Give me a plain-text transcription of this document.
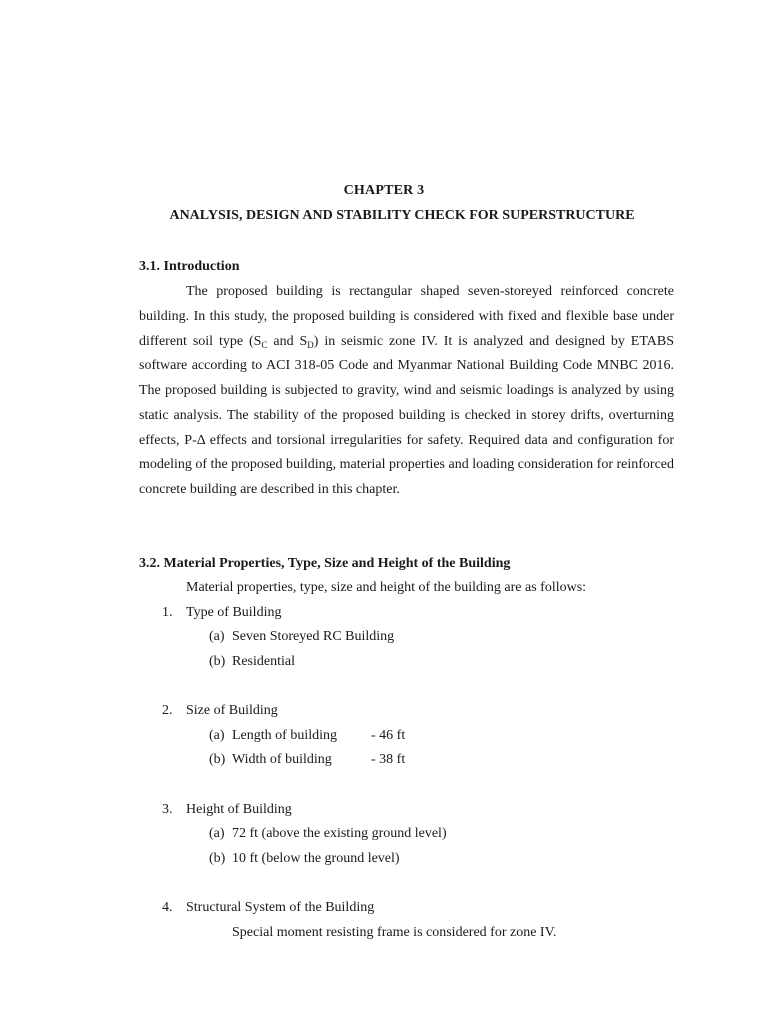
CHAPTER 3
ANALYSIS, DESIGN AND STABILITY CHECK FOR SUPERSTRUCTURE
3.1. Introduction
The proposed building is rectangular shaped seven-storeyed reinforced concrete building. In this study, the proposed building is considered with fixed and flexible base under different soil type ($S_C$ and $S_D$) in seismic zone IV. It is analyzed and designed by ETABS software according to ACI 318-05 Code and Myanmar National Building Code MNBC 2016. The proposed building is subjected to gravity, wind and seismic loadings is analyzed by using static analysis. The stability of the proposed building is checked in storey drifts, overturning effects, P-Δ effects and torsional irregularities for safety. Required data and configuration for modeling of the proposed building, material properties and loading consideration for reinforced concrete building are described in this chapter.
3.2. Material Properties, Type, Size and Height of the Building
Material properties, type, size and height of the building are as follows:
1. Type of Building
(a) Seven Storeyed RC Building
(b) Residential
2. Size of Building
(a) Length of building - 46 ft
(b) Width of building	- 38 ft
3. Height of Building
(a) 72 ft (above the existing ground level)
(b) 10 ft (below the ground level)
4. Structural System of the Building
Special moment resisting frame is considered for zone IV.
